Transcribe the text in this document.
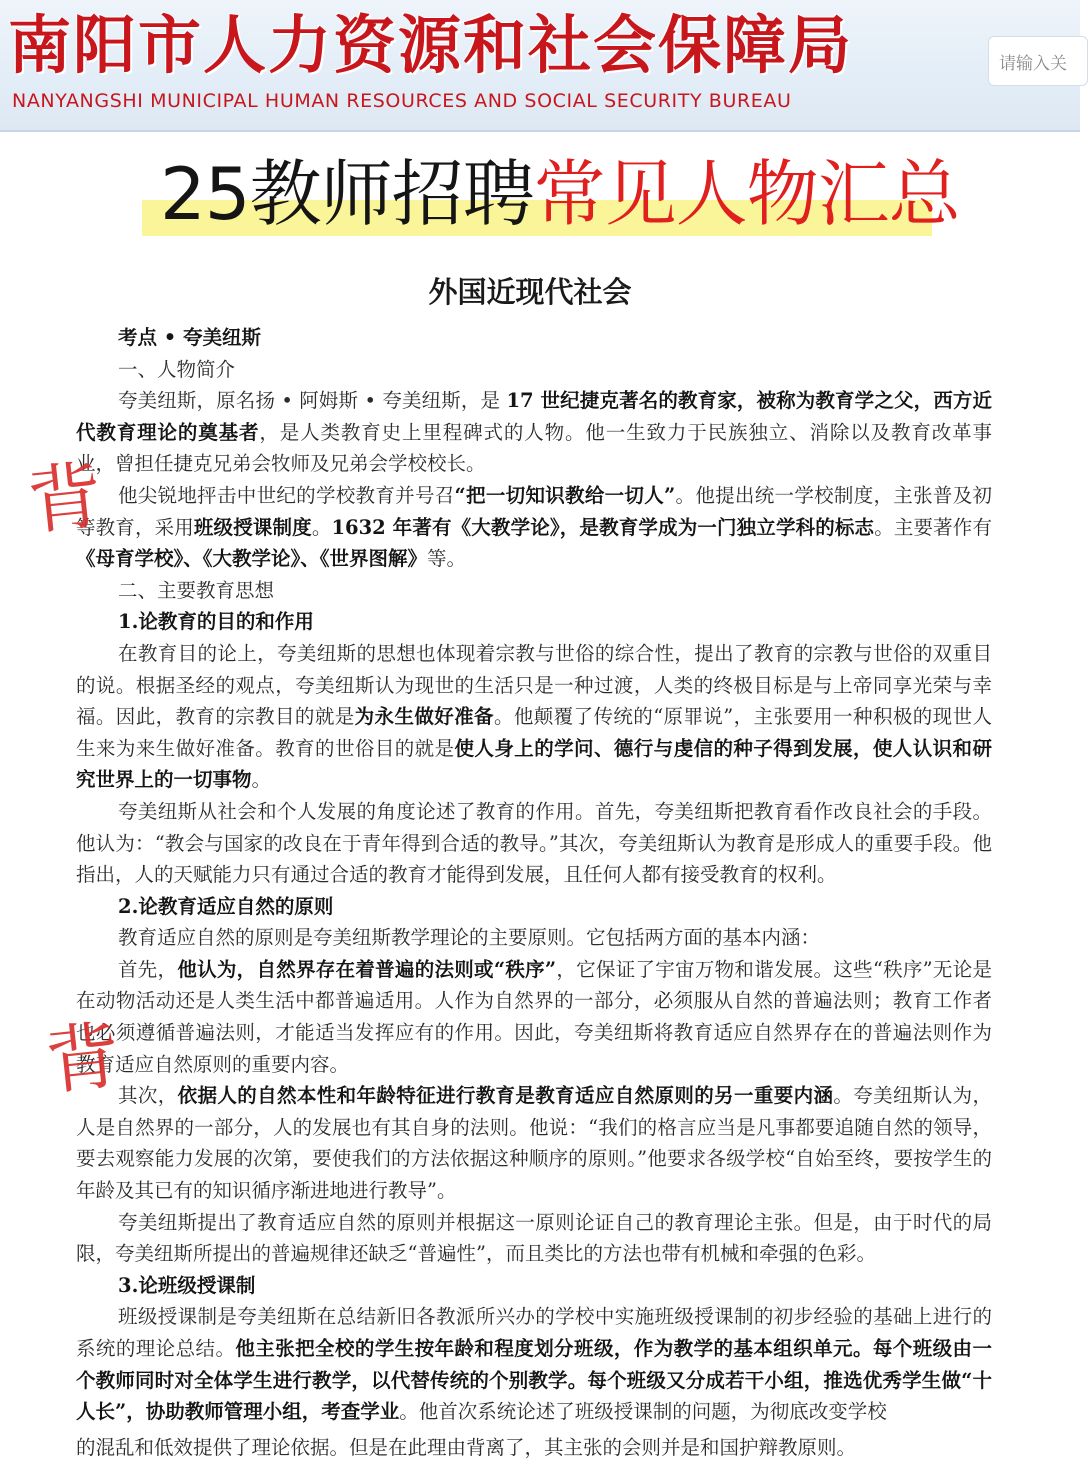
南阳市人力资源和社会保障局
NANYANGSHI MUNICIPAL HUMAN RESOURCES AND SOCIAL SECURITY BUREAU
请输入关
25教师招聘常见人物汇总
外国近现代社会

考点 • 夸美纽斯

一、人物简介

夸美纽斯，原名扬 • 阿姆斯 • 夸美纽斯，是 17 世纪捷克著名的教育家，被称为教育学之父，西方近代教育理论的奠基者，是人类教育史上里程碑式的人物。他一生致力于民族独立、消除以及教育改革事业，曾担任捷克兄弟会牧师及兄弟会学校校长。

他尖锐地抨击中世纪的学校教育并号召“把一切知识教给一切人”。他提出统一学校制度，主张普及初等教育，采用班级授课制度。1632 年著有《大教学论》，是教育学成为一门独立学科的标志。主要著作有《母育学校》、《大教学论》、《世界图解》等。

二、主要教育思想

1.论教育的目的和作用

在教育目的论上，夸美纽斯的思想也体现着宗教与世俗的综合性，提出了教育的宗教与世俗的双重目的说。根据圣经的观点，夸美纽斯认为现世的生活只是一种过渡，人类的终极目标是与上帝同享光荣与幸福。因此，教育的宗教目的就是为永生做好准备。他颠覆了传统的“原罪说”，主张要用一种积极的现世人生来为来生做好准备。教育的世俗目的就是使人身上的学问、德行与虔信的种子得到发展，使人认识和研究世界上的一切事物。

夸美纽斯从社会和个人发展的角度论述了教育的作用。首先，夸美纽斯把教育看作改良社会的手段。他认为：“教会与国家的改良在于青年得到合适的教导。”其次，夸美纽斯认为教育是形成人的重要手段。他指出，人的天赋能力只有通过合适的教育才能得到发展，且任何人都有接受教育的权利。

2.论教育适应自然的原则

教育适应自然的原则是夸美纽斯教学理论的主要原则。它包括两方面的基本内涵：

首先，他认为，自然界存在着普遍的法则或“秩序”，它保证了宇宙万物和谐发展。这些“秩序”无论是在动物活动还是人类生活中都普遍适用。人作为自然界的一部分，必须服从自然的普遍法则；教育工作者也必须遵循普遍法则，才能适当发挥应有的作用。因此，夸美纽斯将教育适应自然界存在的普遍法则作为教育适应自然原则的重要内容。

其次，依据人的自然本性和年龄特征进行教育是教育适应自然原则的另一重要内涵。夸美纽斯认为，人是自然界的一部分，人的发展也有其自身的法则。他说：“我们的格言应当是凡事都要追随自然的领导，要去观察能力发展的次第，要使我们的方法依据这种顺序的原则。”他要求各级学校“自始至终，要按学生的年龄及其已有的知识循序渐进地进行教导”。

夸美纽斯提出了教育适应自然的原则并根据这一原则论证自己的教育理论主张。但是，由于时代的局限，夸美纽斯所提出的普遍规律还缺乏“普遍性”，而且类比的方法也带有机械和牵强的色彩。

3.论班级授课制

班级授课制是夸美纽斯在总结新旧各教派所兴办的学校中实施班级授课制的初步经验的基础上进行的系统的理论总结。他主张把全校的学生按年龄和程度划分班级，作为教学的基本组织单元。每个班级由一个教师同时对全体学生进行教学，以代替传统的个别教学。每个班级又分成若干小组，推选优秀学生做“十人长”，协助教师管理小组，考查学业。他首次系统论述了班级授课制的问题，为彻底改变学校

的混乱和低效提供了理论依据。但是在此理由背离了，其主张的会则并是和国护辩教原则。

背
背
